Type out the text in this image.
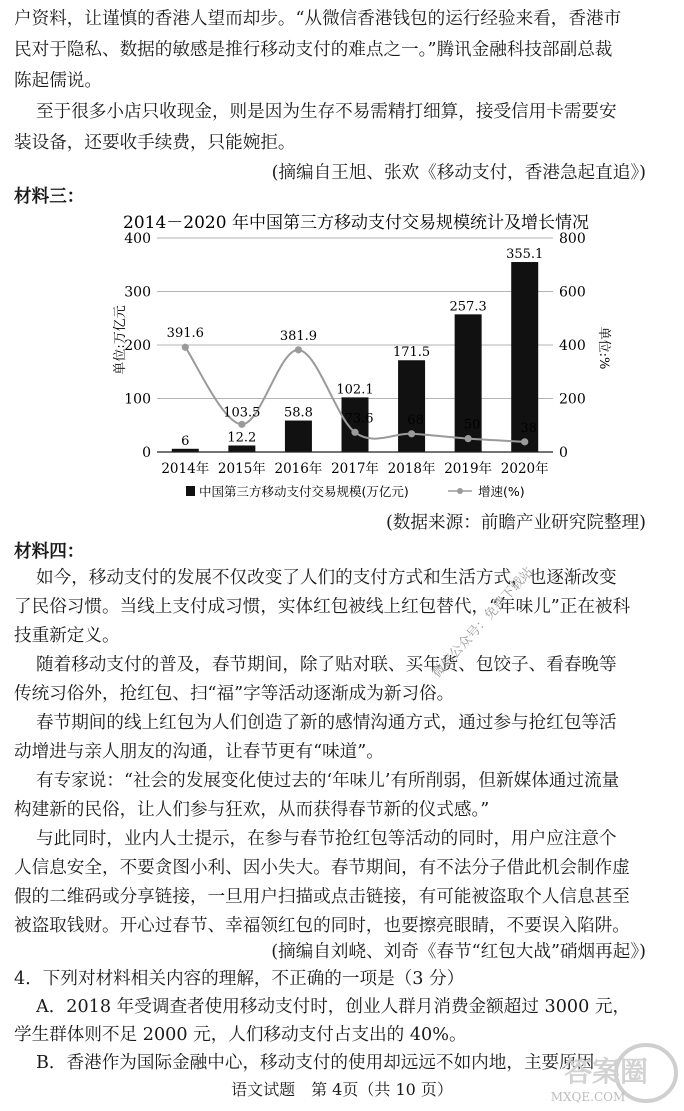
户资料，让谨慎的香港人望而却步。“从微信香港钱包的运行经验来看，香港市
民对于隐私、数据的敏感是推行移动支付的难点之一。”腾讯金融科技部副总裁
陈起儒说。
至于很多小店只收现金，则是因为生存不易需精打细算，接受信用卡需要安
装设备，还要收手续费，只能婉拒。
(摘编自王旭、张欢《移动支付，香港急起直追》)
材料三：
2014－2020 年中国第三方移动支付交易规模统计及增长情况
6	12.2
58.8
102.1
171.5
257.3
355.1
391.6
103.5
381.9
73.6	68	50	38
0
100
200
300
400
0
200
400
600
800
2014年 2015年 2016年 2017年 2018年 2019年 2020年
单位:万亿元	单位:%
中国第三方移动支付交易规模(万亿元)	增速(%)
(数据来源：前瞻产业研究院整理)
材料四：
如今，移动支付的发展不仅改变了人们的支付方式和生活方式，也逐渐改变
了民俗习惯。当线上支付成习惯，实体红包被线上红包替代，“年味儿”正在被科
技重新定义。
随着移动支付的普及，春节期间，除了贴对联、买年货、包饺子、看春晚等
传统习俗外，抢红包、扫“福”字等活动逐渐成为新习俗。
春节期间的线上红包为人们创造了新的感情沟通方式，通过参与抢红包等活
动增进与亲人朋友的沟通，让春节更有“味道”。
有专家说：“社会的发展变化使过去的‘年味儿’有所削弱，但新媒体通过流量
构建新的民俗，让人们参与狂欢，从而获得春节新的仪式感。”
与此同时，业内人士提示，在参与春节抢红包等活动的同时，用户应注意个
人信息安全，不要贪图小利、因小失大。春节期间，有不法分子借此机会制作虚
假的二维码或分享链接，一旦用户扫描或点击链接，有可能被盗取个人信息甚至
被盗取钱财。开心过春节、幸福领红包的同时，也要擦亮眼睛，不要误入陷阱。
(摘编自刘峣、刘奇《春节“红包大战”硝烟再起》)
4．下列对材料相关内容的理解，不正确的一项是（3 分）
A．2018 年受调查者使用移动支付时，创业人群月消费金额超过 3000 元，
学生群体则不足 2000 元，人们移动支付占支出的 40%。
B．香港作为国际金融中心，移动支付的使用却远远不如内地，主要原因
语文试题　第 4页（共 10 页）
微信公众号：免费下载站
答案圈
MXQE.COM
